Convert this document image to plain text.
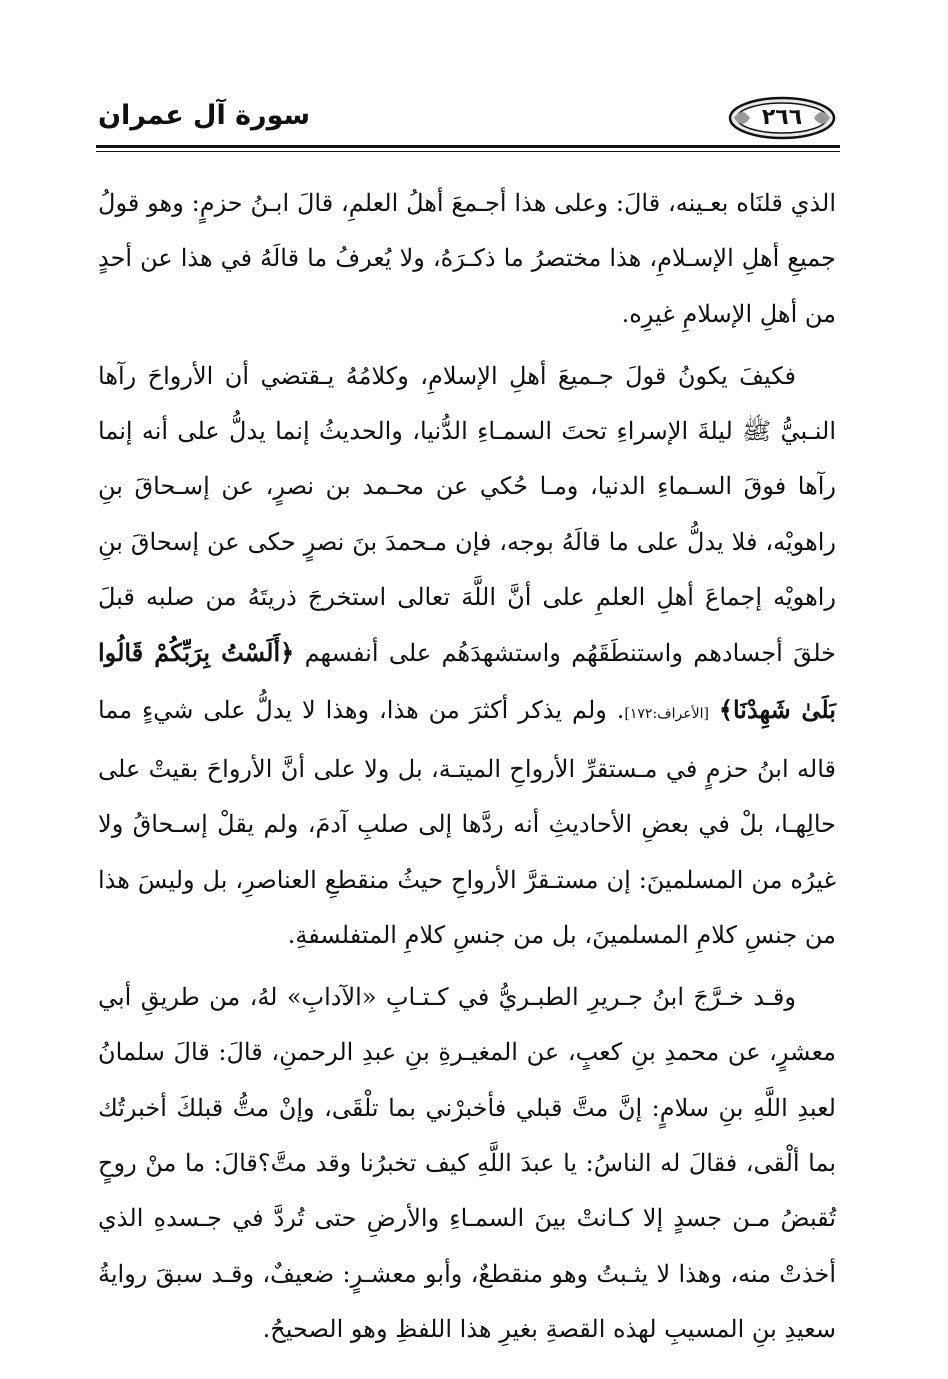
سورة آل عمران	٢٦٦

الذي قلنَاه بعـينه، قالَ: وعلى هذا أجـمعَ أهلُ العلمِ، قالَ ابـنُ حزمٍ: وهو قولُ جميعِ أهلِ الإسـلامِ، هذا مختصرُ ما ذكـرَهُ، ولا يُعرفُ ما قالَهُ في هذا عن أحدٍ من أهلِ الإسلامِ غيرِه.

فكيفَ يكونُ قولَ جـميعَ أهلِ الإسلامِ، وكلامُهُ يـقتضي أن الأرواحَ رآها النـبيُّ ﷺ ليلةَ الإسراءِ تحتَ السمـاءِ الدُّنيا، والحديثُ إنما يدلُّ على أنه إنما رآها فوقَ السـماءِ الدنيا، ومـا حُكي عن محـمد بن نصرٍ، عن إسـحاقَ بنِ راهويْه، فلا يدلُّ على ما قالَهُ بوجه، فإن مـحمدَ بنَ نصرٍ حكى عن إسحاقَ بنِ راهويْه إجماعَ أهلِ العلمِ على أنَّ اللَّهَ تعالى استخرجَ ذريتَهُ من صلبه قبلَ خلقَ أجسادهم واستنطَقَهُم واستشهدَهُم على أنفسهم ﴿أَلَسْتُ بِرَبِّكُمْ قَالُوا بَلَىٰ شَهِدْنَا﴾ [الأعراف:١٧٢]. ولم يذكر أكثرَ من هذا، وهذا لا يدلُّ على شيءٍ مما قاله ابنُ حزمٍ في مـستقرِّ الأرواحِ الميتـة، بل ولا على أنَّ الأرواحَ بقيتْ على حالِهـا، بلْ في بعضِ الأحاديثِ أنه ردَّها إلى صلبِ آدمَ، ولم يقلْ إسـحاقُ ولا غيرُه من المسلمينَ: إن مستـقرَّ الأرواحِ حيثُ منقطعِ العناصرِ، بل وليسَ هذا من جنسِ كلامِ المسلمينَ، بل من جنسِ كلامِ المتفلسفةِ.

وقـد خـرَّجَ ابنُ جـريرِ الطبـريُّ في كـتـابِ «الآدابِ» لهُ، من طريقِ أبي معشرٍ، عن محمدِ بنِ كعبٍ، عن المغيـرةِ بنِ عبدِ الرحمنِ، قالَ: قالَ سلمانُ لعبدِ اللَّهِ بنِ سلامٍ: إنَّ متَّ قبلي فأخبرْني بما تلْقَى، وإنْ متُّ قبلكَ أخبرتُك بما ألْقى، فقالَ له الناسُ: يا عبدَ اللَّهِ كيف تخبرُنا وقد متَّ؟قالَ: ما منْ روحٍ تُقبضُ مـن جسدٍ إلا كـانتْ بينَ السمـاءِ والأرضِ حتى تُردَّ في جـسدهِ الذي أخذتْ منه، وهذا لا يثـبتُ وهو منقطعٌ، وأبو معشـرٍ: ضعيفٌ، وقـد سبقَ روايةُ سعيدِ بنِ المسيبِ لهذه القصةِ بغيرِ هذا اللفظِ وهو الصحيحُ.
